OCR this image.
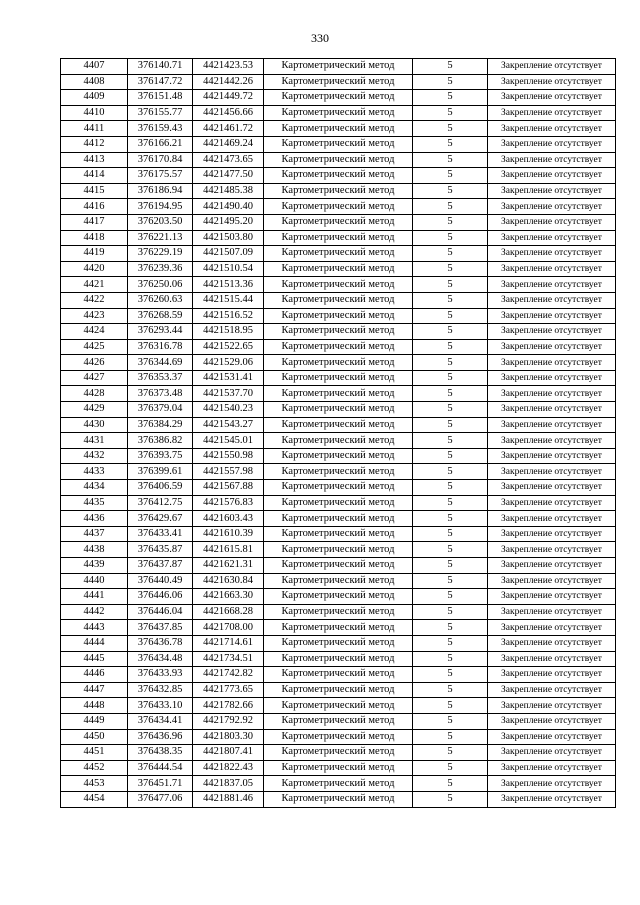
330
4407	376140.71	4421423.53	Картометрический метод	5	Закрепление отсутствует
4408	376147.72	4421442.26	Картометрический метод	5	Закрепление отсутствует
4409	376151.48	4421449.72	Картометрический метод	5	Закрепление отсутствует
4410	376155.77	4421456.66	Картометрический метод	5	Закрепление отсутствует
4411	376159.43	4421461.72	Картометрический метод	5	Закрепление отсутствует
4412	376166.21	4421469.24	Картометрический метод	5	Закрепление отсутствует
4413	376170.84	4421473.65	Картометрический метод	5	Закрепление отсутствует
4414	376175.57	4421477.50	Картометрический метод	5	Закрепление отсутствует
4415	376186.94	4421485.38	Картометрический метод	5	Закрепление отсутствует
4416	376194.95	4421490.40	Картометрический метод	5	Закрепление отсутствует
4417	376203.50	4421495.20	Картометрический метод	5	Закрепление отсутствует
4418	376221.13	4421503.80	Картометрический метод	5	Закрепление отсутствует
4419	376229.19	4421507.09	Картометрический метод	5	Закрепление отсутствует
4420	376239.36	4421510.54	Картометрический метод	5	Закрепление отсутствует
4421	376250.06	4421513.36	Картометрический метод	5	Закрепление отсутствует
4422	376260.63	4421515.44	Картометрический метод	5	Закрепление отсутствует
4423	376268.59	4421516.52	Картометрический метод	5	Закрепление отсутствует
4424	376293.44	4421518.95	Картометрический метод	5	Закрепление отсутствует
4425	376316.78	4421522.65	Картометрический метод	5	Закрепление отсутствует
4426	376344.69	4421529.06	Картометрический метод	5	Закрепление отсутствует
4427	376353.37	4421531.41	Картометрический метод	5	Закрепление отсутствует
4428	376373.48	4421537.70	Картометрический метод	5	Закрепление отсутствует
4429	376379.04	4421540.23	Картометрический метод	5	Закрепление отсутствует
4430	376384.29	4421543.27	Картометрический метод	5	Закрепление отсутствует
4431	376386.82	4421545.01	Картометрический метод	5	Закрепление отсутствует
4432	376393.75	4421550.98	Картометрический метод	5	Закрепление отсутствует
4433	376399.61	4421557.98	Картометрический метод	5	Закрепление отсутствует
4434	376406.59	4421567.88	Картометрический метод	5	Закрепление отсутствует
4435	376412.75	4421576.83	Картометрический метод	5	Закрепление отсутствует
4436	376429.67	4421603.43	Картометрический метод	5	Закрепление отсутствует
4437	376433.41	4421610.39	Картометрический метод	5	Закрепление отсутствует
4438	376435.87	4421615.81	Картометрический метод	5	Закрепление отсутствует
4439	376437.87	4421621.31	Картометрический метод	5	Закрепление отсутствует
4440	376440.49	4421630.84	Картометрический метод	5	Закрепление отсутствует
4441	376446.06	4421663.30	Картометрический метод	5	Закрепление отсутствует
4442	376446.04	4421668.28	Картометрический метод	5	Закрепление отсутствует
4443	376437.85	4421708.00	Картометрический метод	5	Закрепление отсутствует
4444	376436.78	4421714.61	Картометрический метод	5	Закрепление отсутствует
4445	376434.48	4421734.51	Картометрический метод	5	Закрепление отсутствует
4446	376433.93	4421742.82	Картометрический метод	5	Закрепление отсутствует
4447	376432.85	4421773.65	Картометрический метод	5	Закрепление отсутствует
4448	376433.10	4421782.66	Картометрический метод	5	Закрепление отсутствует
4449	376434.41	4421792.92	Картометрический метод	5	Закрепление отсутствует
4450	376436.96	4421803.30	Картометрический метод	5	Закрепление отсутствует
4451	376438.35	4421807.41	Картометрический метод	5	Закрепление отсутствует
4452	376444.54	4421822.43	Картометрический метод	5	Закрепление отсутствует
4453	376451.71	4421837.05	Картометрический метод	5	Закрепление отсутствует
4454	376477.06	4421881.46	Картометрический метод	5	Закрепление отсутствует
